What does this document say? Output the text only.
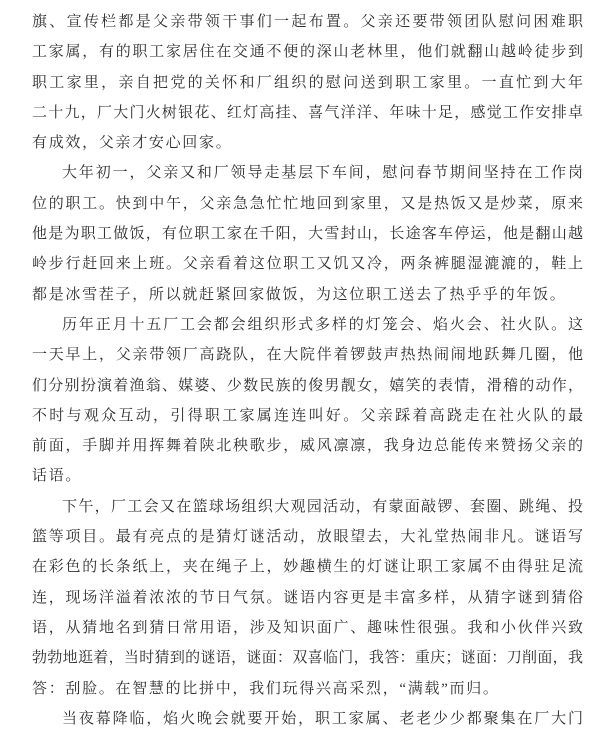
旗、宣传栏都是父亲带领干事们一起布置。父亲还要带领团队慰问困难职
工家属，有的职工家居住在交通不便的深山老林里，他们就翻山越岭徒步到
职工家里，亲自把党的关怀和厂组织的慰问送到职工家里。一直忙到大年
二十九，厂大门火树银花、红灯高挂、喜气洋洋、年味十足，感觉工作安排卓
有成效，父亲才安心回家。
大年初一，父亲又和厂领导走基层下车间，慰问春节期间坚持在工作岗
位的职工。快到中午，父亲急急忙忙地回到家里，又是热饭又是炒菜，原来
他是为职工做饭，有位职工家在千阳，大雪封山，长途客车停运，他是翻山越
岭步行赶回来上班。父亲看着这位职工又饥又冷，两条裤腿湿漉漉的，鞋上
都是冰雪茬子，所以就赶紧回家做饭，为这位职工送去了热乎乎的年饭。
历年正月十五厂工会都会组织形式多样的灯笼会、焰火会、社火队。这
一天早上，父亲带领厂高跷队，在大院伴着锣鼓声热热闹闹地跃舞几圈，他
们分别扮演着渔翁、媒婆、少数民族的俊男靓女，嬉笑的表情，滑稽的动作，
不时与观众互动，引得职工家属连连叫好。父亲踩着高跷走在社火队的最
前面，手脚并用挥舞着陕北秧歌步，威风凛凛，我身边总能传来赞扬父亲的
话语。
下午，厂工会又在篮球场组织大观园活动，有蒙面敲锣、套圈、跳绳、投
篮等项目。最有亮点的是猜灯谜活动，放眼望去，大礼堂热闹非凡。谜语写
在彩色的长条纸上，夹在绳子上，妙趣横生的灯谜让职工家属不由得驻足流
连，现场洋溢着浓浓的节日气氛。谜语内容更是丰富多样，从猜字谜到猜俗
语，从猜地名到猜日常用语，涉及知识面广、趣味性很强。我和小伙伴兴致
勃勃地逛着，当时猜到的谜语，谜面：双喜临门，我答：重庆；谜面：刀削面，我
答：刮脸。在智慧的比拼中，我们玩得兴高采烈，“满载”而归。
当夜幕降临，焰火晚会就要开始，职工家属、老老少少都聚集在厂大门
